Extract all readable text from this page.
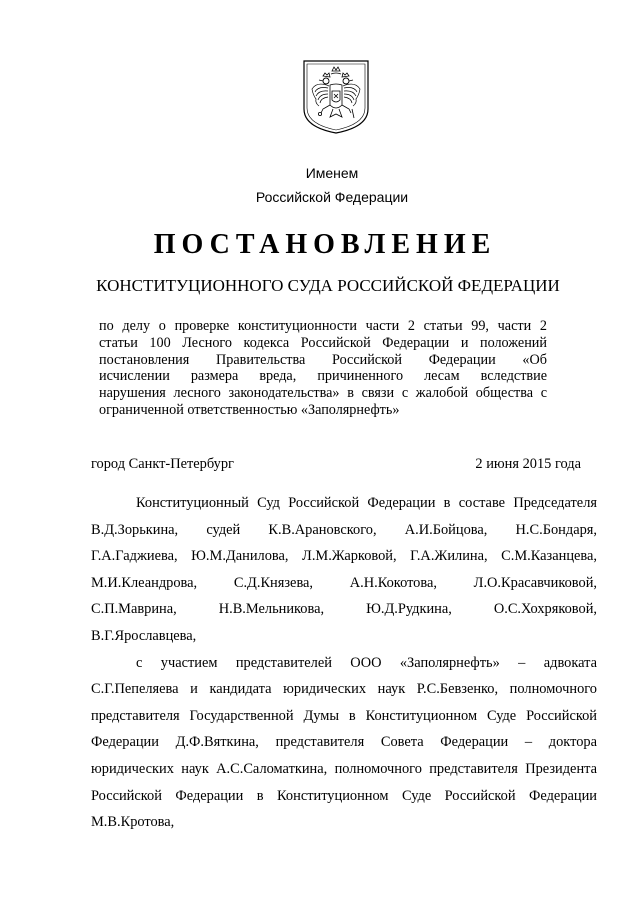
Именем
Российской Федерации
ПОСТАНОВЛЕНИЕ
КОНСТИТУЦИОННОГО СУДА РОССИЙСКОЙ ФЕДЕРАЦИИ
по делу о проверке конституционности части 2 статьи 99, части 2
статьи 100 Лесного кодекса Российской Федерации и положений
постановления Правительства Российской Федерации «Об
исчислении размера вреда, причиненного лесам вследствие
нарушения лесного законодательства» в связи с жалобой общества с
ограниченной ответственностью «Заполярнефть»
город Санкт-Петербург	2 июня 2015 года
Конституционный Суд Российской Федерации в составе Председателя
В.Д.Зорькина, судей К.В.Арановского, А.И.Бойцова, Н.С.Бондаря,
Г.А.Гаджиева, Ю.М.Данилова, Л.М.Жарковой, Г.А.Жилина, С.М.Казанцева,
М.И.Клеандрова, С.Д.Князева, А.Н.Кокотова, Л.О.Красавчиковой,
С.П.Маврина, Н.В.Мельникова, Ю.Д.Рудкина, О.С.Хохряковой,
В.Г.Ярославцева,
с участием представителей ООО «Заполярнефть» – адвоката
С.Г.Пепеляева и кандидата юридических наук Р.С.Бевзенко, полномочного
представителя Государственной Думы в Конституционном Суде Российской
Федерации Д.Ф.Вяткина, представителя Совета Федерации – доктора
юридических наук А.С.Саломаткина, полномочного представителя Президента
Российской Федерации в Конституционном Суде Российской Федерации
М.В.Кротова,
